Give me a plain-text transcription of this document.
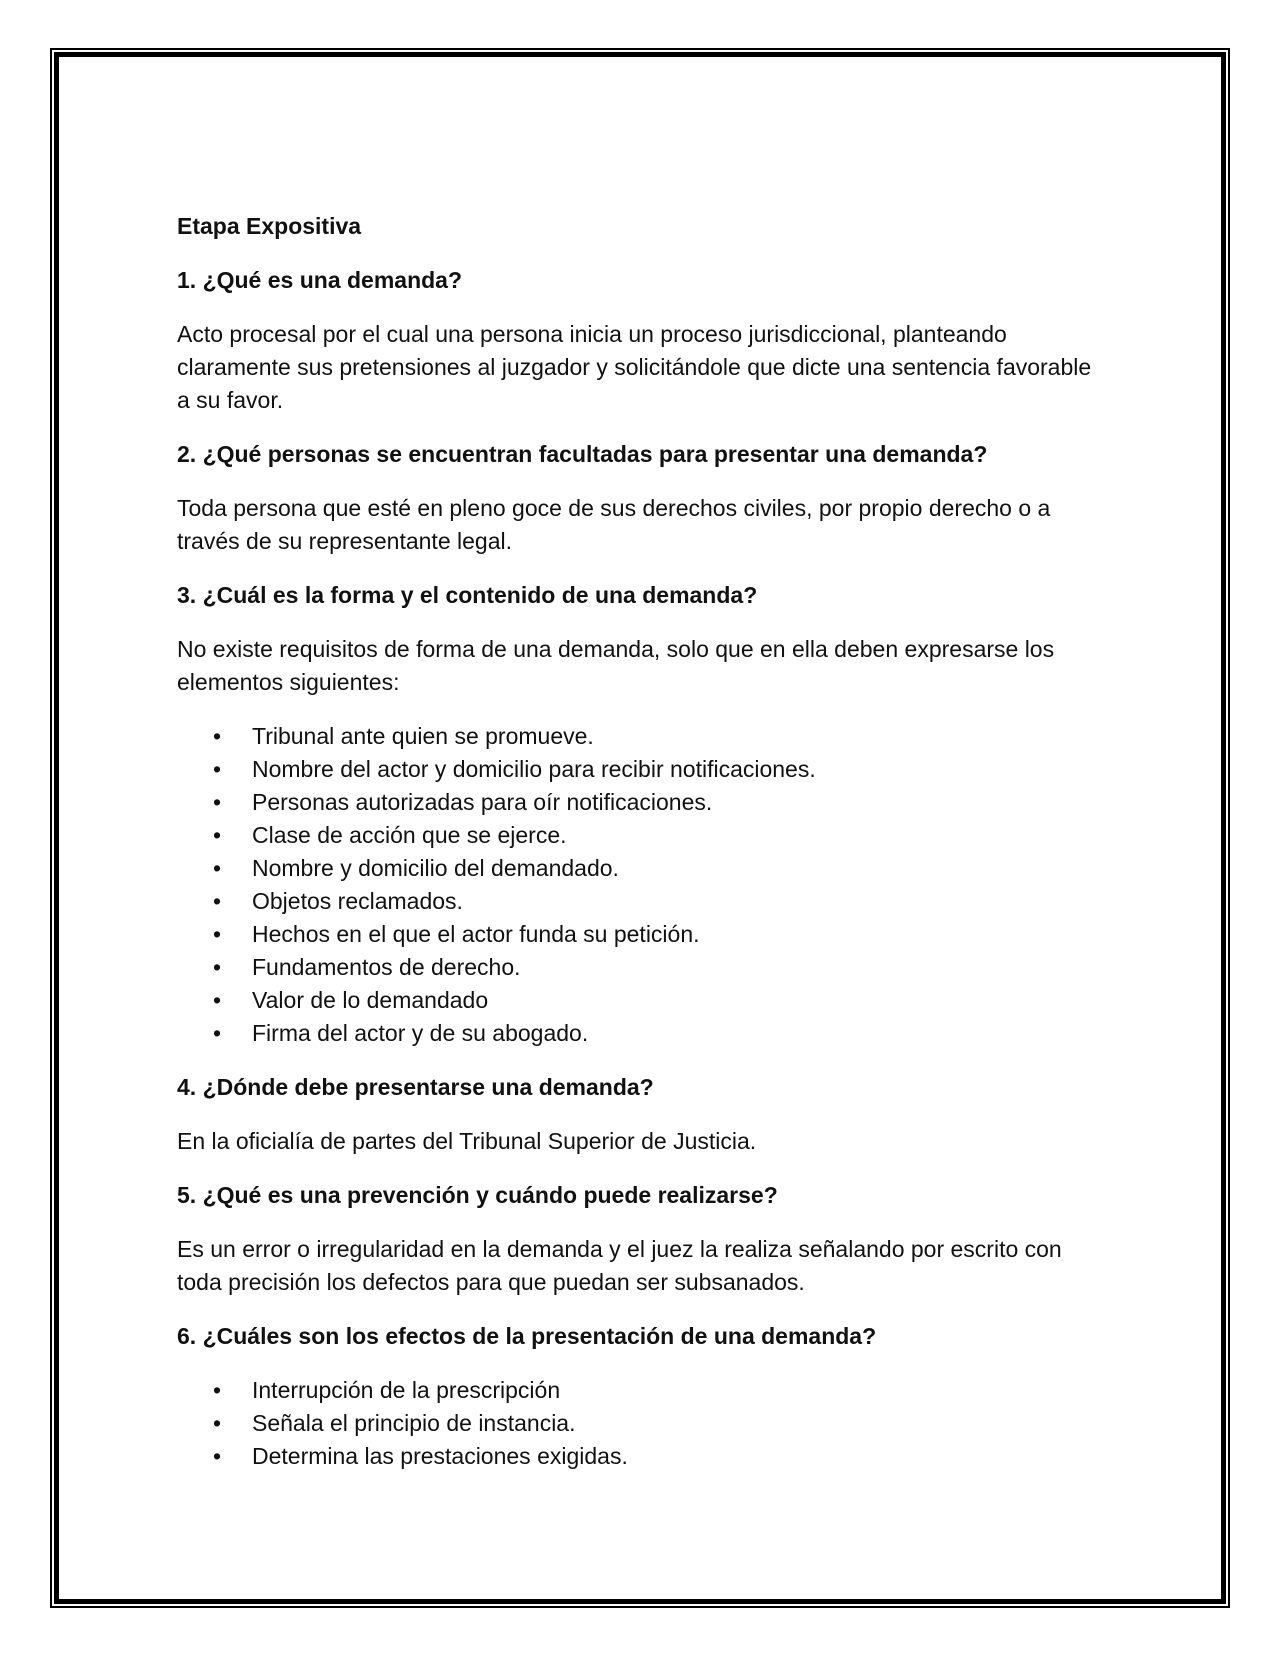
Etapa Expositiva

1. ¿Qué es una demanda?

Acto procesal por el cual una persona inicia un proceso jurisdiccional, planteando claramente sus pretensiones al juzgador y solicitándole que dicte una sentencia favorable a su favor.

2. ¿Qué personas se encuentran facultadas para presentar una demanda?

Toda persona que esté en pleno goce de sus derechos civiles, por propio derecho o a través de su representante legal.

3. ¿Cuál es la forma y el contenido de una demanda?

No existe requisitos de forma de una demanda, solo que en ella deben expresarse los elementos siguientes:

• Tribunal ante quien se promueve.
• Nombre del actor y domicilio para recibir notificaciones.
• Personas autorizadas para oír notificaciones.
• Clase de acción que se ejerce.
• Nombre y domicilio del demandado.
• Objetos reclamados.
• Hechos en el que el actor funda su petición.
• Fundamentos de derecho.
• Valor de lo demandado
• Firma del actor y de su abogado.

4. ¿Dónde debe presentarse una demanda?

En la oficialía de partes del Tribunal Superior de Justicia.

5. ¿Qué es una prevención y cuándo puede realizarse?

Es un error o irregularidad en la demanda y el juez la realiza señalando por escrito con toda precisión los defectos para que puedan ser subsanados.

6. ¿Cuáles son los efectos de la presentación de una demanda?

• Interrupción de la prescripción
• Señala el principio de instancia.
• Determina las prestaciones exigidas.
